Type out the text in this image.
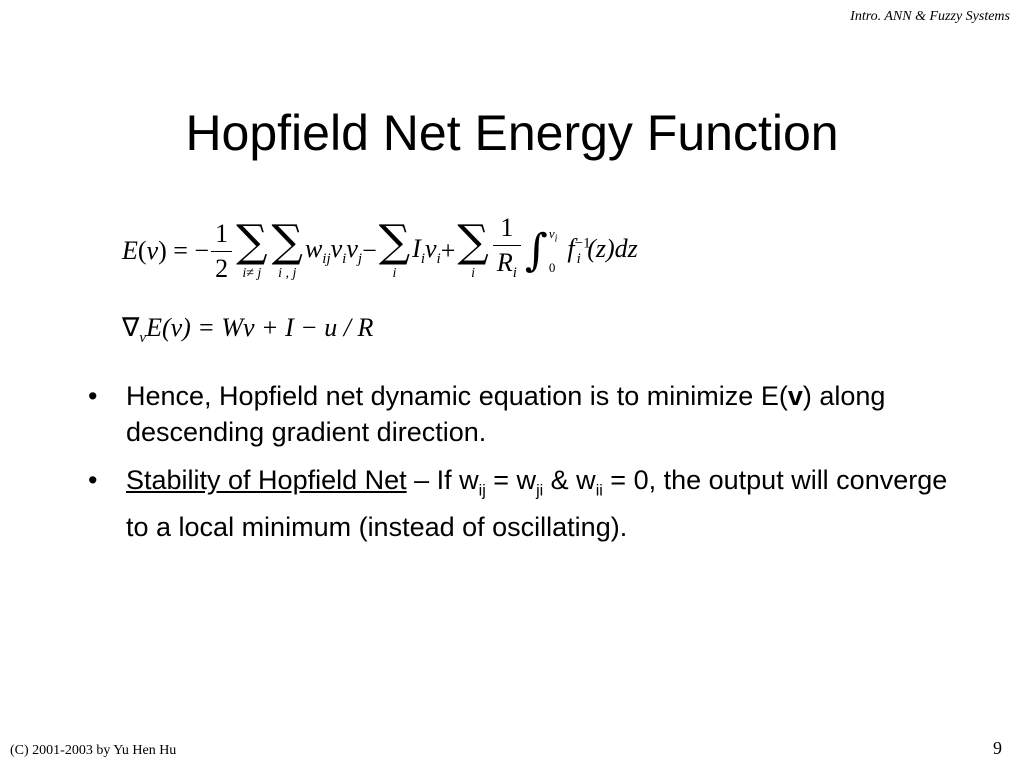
Intro. ANN & Fuzzy Systems
Hopfield Net Energy Function
E(v) = − $\frac{1}{2}$ ∑
i≠ j
∑
i , j
$w_{ij}v_iv_j$ − ∑
i
$I_iv_i$ + ∑
i $\frac{1}{R_i}$ ∫ $v_i$
0
$f^{-1}_i$ (z)dz
$\nabla_vE(v) = Wv + I - u / R$
• Hence, Hopfield net dynamic equation is to minimize E(v) along descending gradient direction.
• Stability of Hopfield Net – If $w_{ij} = w_{ji}$ & $w_{ii} = 0$, the output will converge to a local minimum (instead of oscillating).
(C) 2001-2003 by Yu Hen Hu	9
